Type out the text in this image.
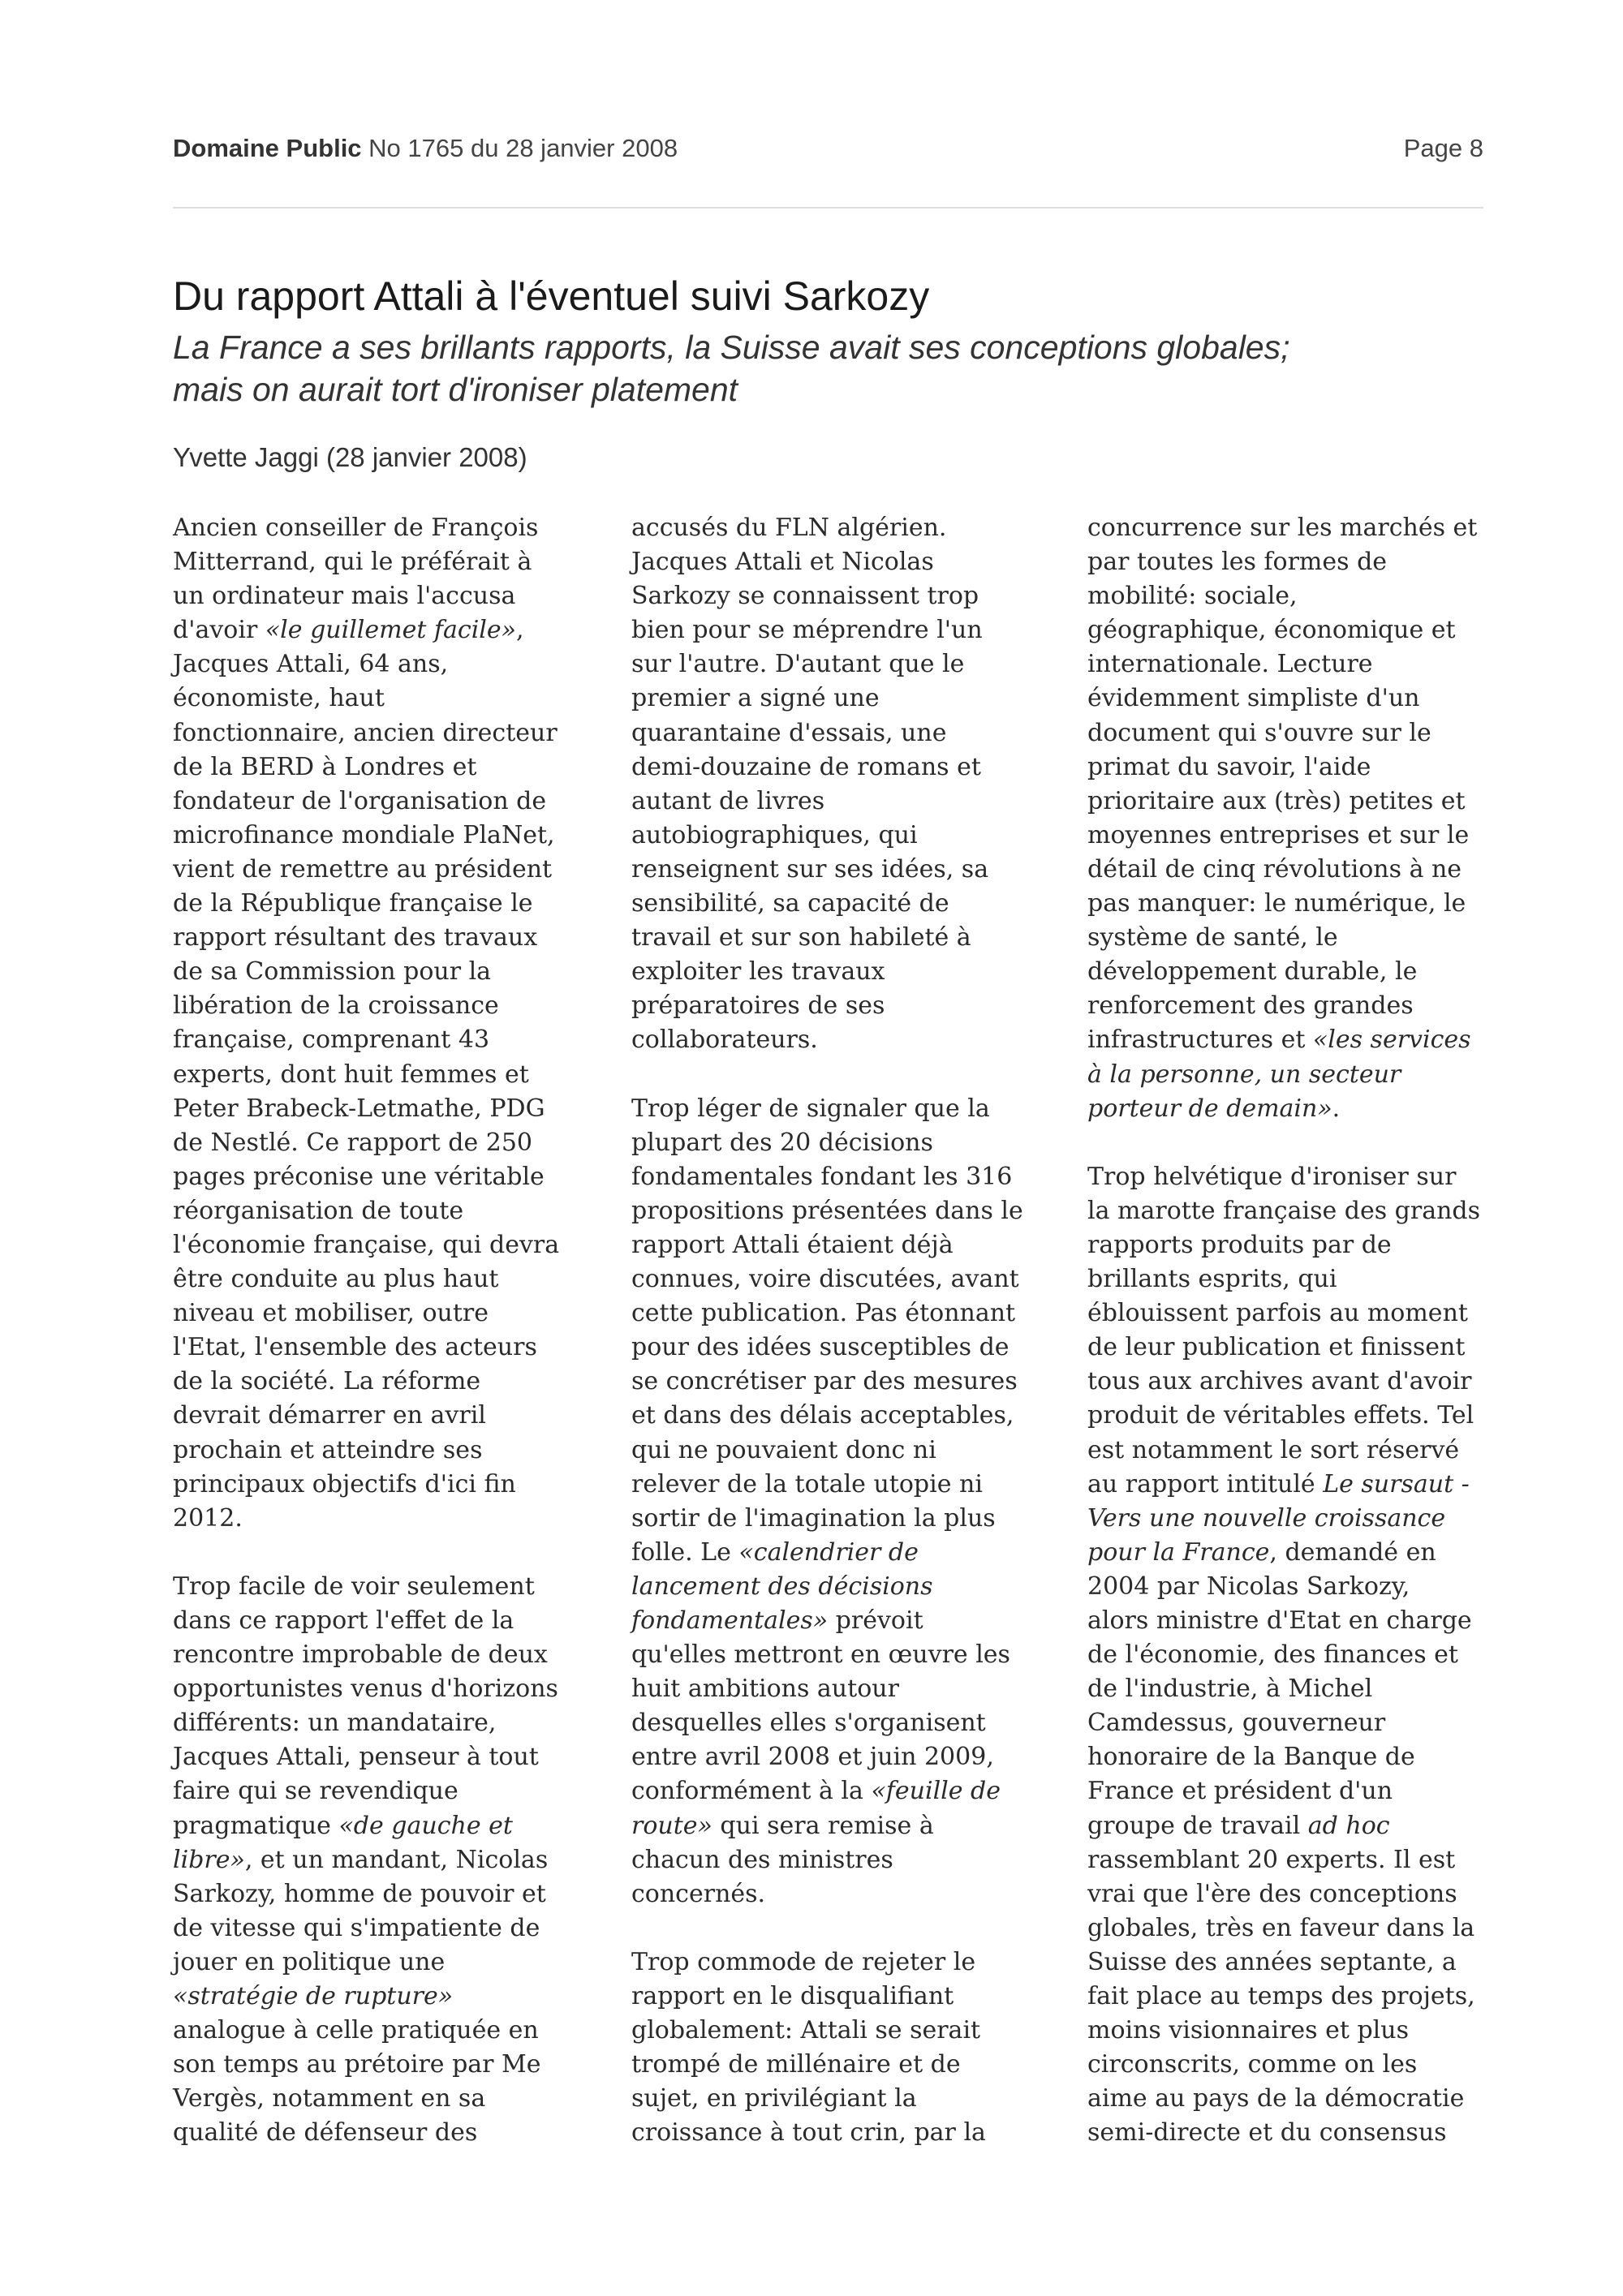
Domaine Public No 1765 du 28 janvier 2008	Page 8
Du rapport Attali à l'éventuel suivi Sarkozy
La France a ses brillants rapports, la Suisse avait ses conceptions globales;
mais on aurait tort d'ironiser platement
Yvette Jaggi (28 janvier 2008)

Ancien conseiller de François

Mitterrand, qui le préférait à

un ordinateur mais l'accusa

d'avoir «le guillemet facile»,

Jacques Attali, 64 ans,

économiste, haut

fonctionnaire, ancien directeur

de la BERD à Londres et

fondateur de l'organisation de

microfinance mondiale PlaNet,

vient de remettre au président

de la République française le

rapport résultant des travaux

de sa Commission pour la

libération de la croissance

française, comprenant 43

experts, dont huit femmes et

Peter Brabeck-Letmathe, PDG

de Nestlé. Ce rapport de 250

pages préconise une véritable

réorganisation de toute

l'économie française, qui devra

être conduite au plus haut

niveau et mobiliser, outre

l'Etat, l'ensemble des acteurs

de la société. La réforme

devrait démarrer en avril

prochain et atteindre ses

principaux objectifs d'ici fin

2012.

Trop facile de voir seulement

dans ce rapport l'effet de la

rencontre improbable de deux

opportunistes venus d'horizons

différents: un mandataire,

Jacques Attali, penseur à tout

faire qui se revendique

pragmatique «de gauche et

libre», et un mandant, Nicolas

Sarkozy, homme de pouvoir et

de vitesse qui s'impatiente de

jouer en politique une

«stratégie de rupture»

analogue à celle pratiquée en

son temps au prétoire par Me

Vergès, notamment en sa

qualité de défenseur des

accusés du FLN algérien.

Jacques Attali et Nicolas

Sarkozy se connaissent trop

bien pour se méprendre l'un

sur l'autre. D'autant que le

premier a signé une

quarantaine d'essais, une

demi-douzaine de romans et

autant de livres

autobiographiques, qui

renseignent sur ses idées, sa

sensibilité, sa capacité de

travail et sur son habileté à

exploiter les travaux

préparatoires de ses

collaborateurs.

Trop léger de signaler que la

plupart des 20 décisions

fondamentales fondant les 316

propositions présentées dans le

rapport Attali étaient déjà

connues, voire discutées, avant

cette publication. Pas étonnant

pour des idées susceptibles de

se concrétiser par des mesures

et dans des délais acceptables,

qui ne pouvaient donc ni

relever de la totale utopie ni

sortir de l'imagination la plus

folle. Le «calendrier de

lancement des décisions

fondamentales» prévoit

qu'elles mettront en œuvre les

huit ambitions autour

desquelles elles s'organisent

entre avril 2008 et juin 2009,

conformément à la «feuille de

route» qui sera remise à

chacun des ministres

concernés.

Trop commode de rejeter le

rapport en le disqualifiant

globalement: Attali se serait

trompé de millénaire et de

sujet, en privilégiant la

croissance à tout crin, par la

concurrence sur les marchés et

par toutes les formes de

mobilité: sociale,

géographique, économique et

internationale. Lecture

évidemment simpliste d'un

document qui s'ouvre sur le

primat du savoir, l'aide

prioritaire aux (très) petites et

moyennes entreprises et sur le

détail de cinq révolutions à ne

pas manquer: le numérique, le

système de santé, le

développement durable, le

renforcement des grandes

infrastructures et «les services

à la personne, un secteur

porteur de demain».

Trop helvétique d'ironiser sur

la marotte française des grands

rapports produits par de

brillants esprits, qui

éblouissent parfois au moment

de leur publication et finissent

tous aux archives avant d'avoir

produit de véritables effets. Tel

est notamment le sort réservé

au rapport intitulé Le sursaut -

Vers une nouvelle croissance

pour la France, demandé en

2004 par Nicolas Sarkozy,

alors ministre d'Etat en charge

de l'économie, des finances et

de l'industrie, à Michel

Camdessus, gouverneur

honoraire de la Banque de

France et président d'un

groupe de travail ad hoc

rassemblant 20 experts. Il est

vrai que l'ère des conceptions

globales, très en faveur dans la

Suisse des années septante, a

fait place au temps des projets,

moins visionnaires et plus

circonscrits, comme on les

aime au pays de la démocratie

semi-directe et du consensus
